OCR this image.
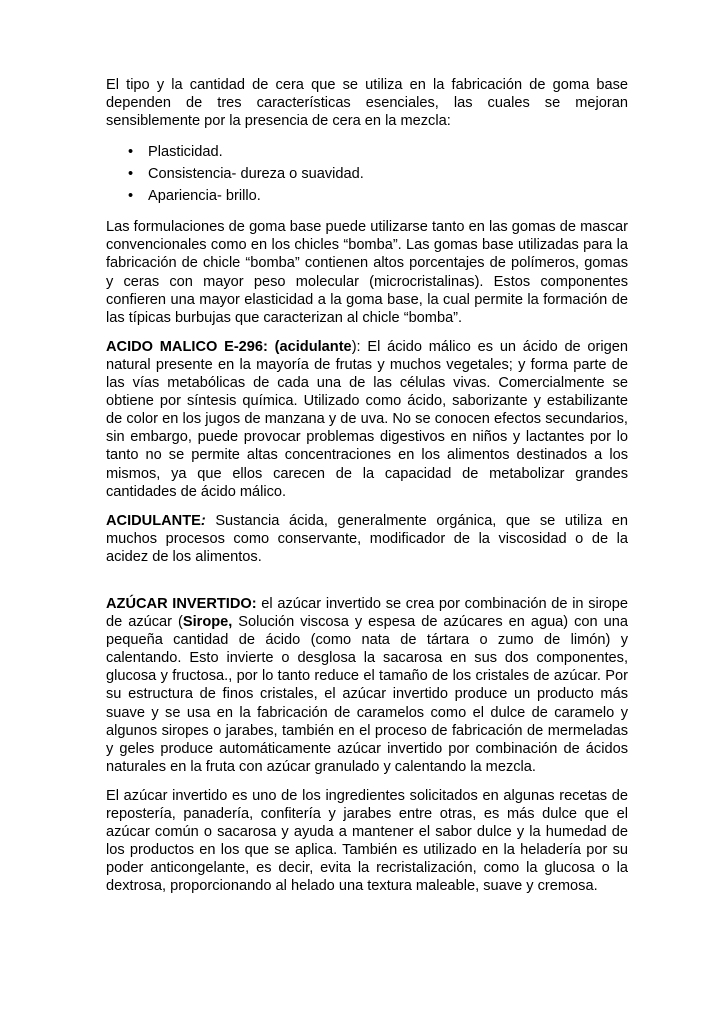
El tipo y la cantidad de cera que se utiliza en la fabricación de goma base dependen de tres características esenciales, las cuales se mejoran sensiblemente por la presencia de cera en la mezcla:

• Plasticidad.
• Consistencia- dureza o suavidad.
• Apariencia- brillo.

Las formulaciones de goma base puede utilizarse tanto en las gomas de mascar convencionales como en los chicles “bomba”. Las gomas base utilizadas para la fabricación de chicle “bomba” contienen altos porcentajes de polímeros, gomas y ceras con mayor peso molecular (microcristalinas). Estos componentes confieren una mayor elasticidad a la goma base, la cual permite la formación de las típicas burbujas que caracterizan al chicle “bomba”.

ACIDO MALICO E-296: (acidulante): El ácido málico es un ácido de origen natural presente en la mayoría de frutas y muchos vegetales; y forma parte de las vías metabólicas de cada una de las células vivas. Comercialmente se obtiene por síntesis química. Utilizado como ácido, saborizante y estabilizante de color en los jugos de manzana y de uva. No se conocen efectos secundarios, sin embargo, puede provocar problemas digestivos en niños y lactantes por lo tanto no se permite altas concentraciones en los alimentos destinados a los mismos, ya que ellos carecen de la capacidad de metabolizar grandes cantidades de ácido málico.

ACIDULANTE: Sustancia ácida, generalmente orgánica, que se utiliza en muchos procesos como conservante, modificador de la viscosidad o de la acidez de los alimentos.

AZÚCAR INVERTIDO: el azúcar invertido se crea por combinación de in sirope de azúcar (Sirope, Solución viscosa y espesa de azúcares en agua) con una pequeña cantidad de ácido (como nata de tártara o zumo de limón) y calentando. Esto invierte o desglosa la sacarosa en sus dos componentes, glucosa y fructosa., por lo tanto reduce el tamaño de los cristales de azúcar. Por su estructura de finos cristales, el azúcar invertido produce un producto más suave y se usa en la fabricación de caramelos como el dulce de caramelo y algunos siropes o jarabes, también en el proceso de fabricación de mermeladas y geles produce automáticamente azúcar invertido por combinación de ácidos naturales en la fruta con azúcar granulado y calentando la mezcla.

El azúcar invertido es uno de los ingredientes solicitados en algunas recetas de repostería, panadería, confitería y jarabes entre otras, es más dulce que el azúcar común o sacarosa y ayuda a mantener el sabor dulce y la humedad de los productos en los que se aplica. También es utilizado en la heladería por su poder anticongelante, es decir, evita la recristalización, como la glucosa o la dextrosa, proporcionando al helado una textura maleable, suave y cremosa.
